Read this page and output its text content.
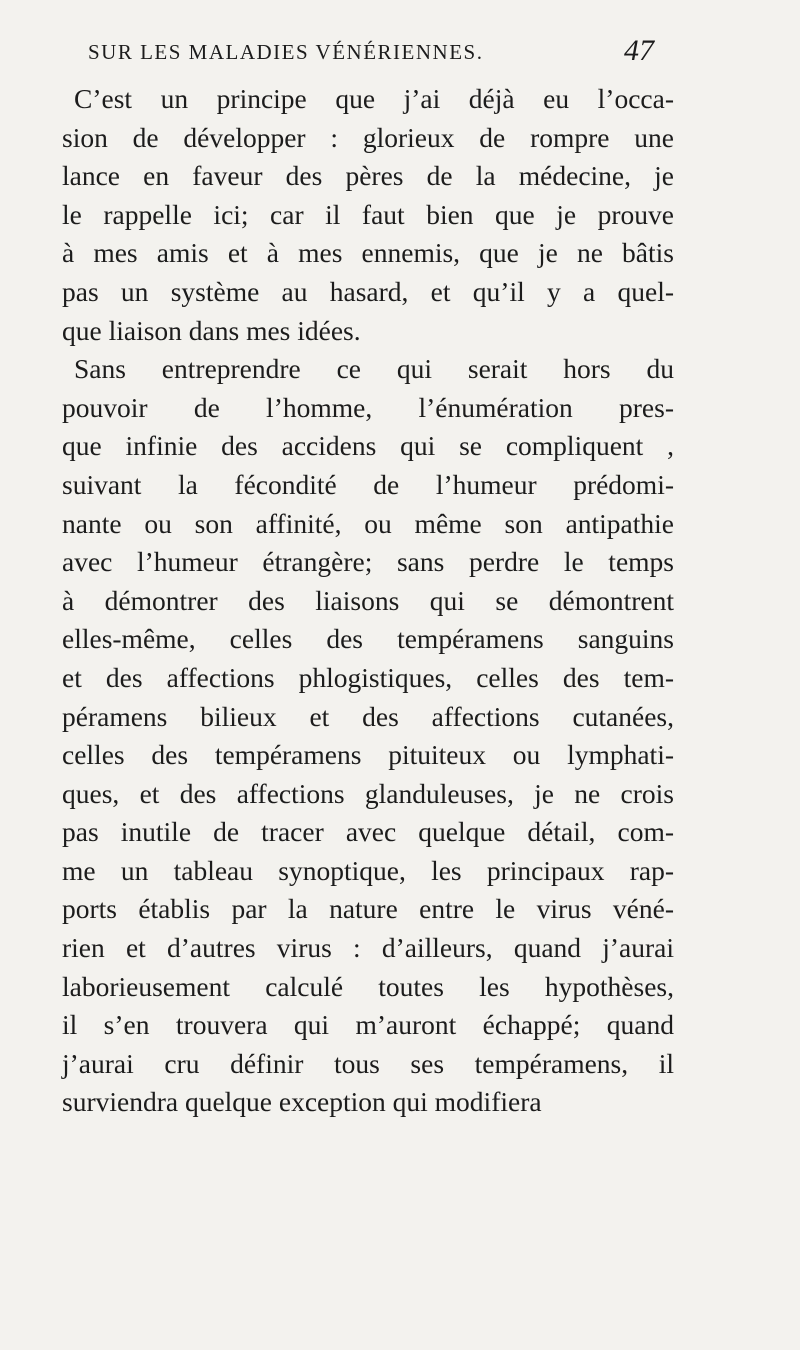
SUR LES MALADIES VÉNÉRIENNES.	47
C’est un principe que j’ai déjà eu l’occa-
sion de développer : glorieux de rompre une
lance en faveur des pères de la médecine, je
le rappelle ici; car il faut bien que je prouve
à mes amis et à mes ennemis, que je ne bâtis
pas un système au hasard, et qu’il y a quel-
que liaison dans mes idées.
Sans entreprendre ce qui serait hors du
pouvoir de l’homme, l’énumération pres-
que infinie des accidens qui se compliquent ,
suivant la fécondité de l’humeur prédomi-
nante ou son affinité, ou même son antipathie
avec l’humeur étrangère; sans perdre le temps
à démontrer des liaisons qui se démontrent
elles-même, celles des tempéramens sanguins
et des affections phlogistiques, celles des tem-
péramens bilieux et des affections cutanées,
celles des tempéramens pituiteux ou lymphati-
ques, et des affections glanduleuses, je ne crois
pas inutile de tracer avec quelque détail, com-
me un tableau synoptique, les principaux rap-
ports établis par la nature entre le virus véné-
rien et d’autres virus : d’ailleurs, quand j’aurai
laborieusement calculé toutes les hypothèses,
il s’en trouvera qui m’auront échappé; quand
j’aurai cru définir tous ses tempéramens, il
surviendra quelque exception qui modifiera
